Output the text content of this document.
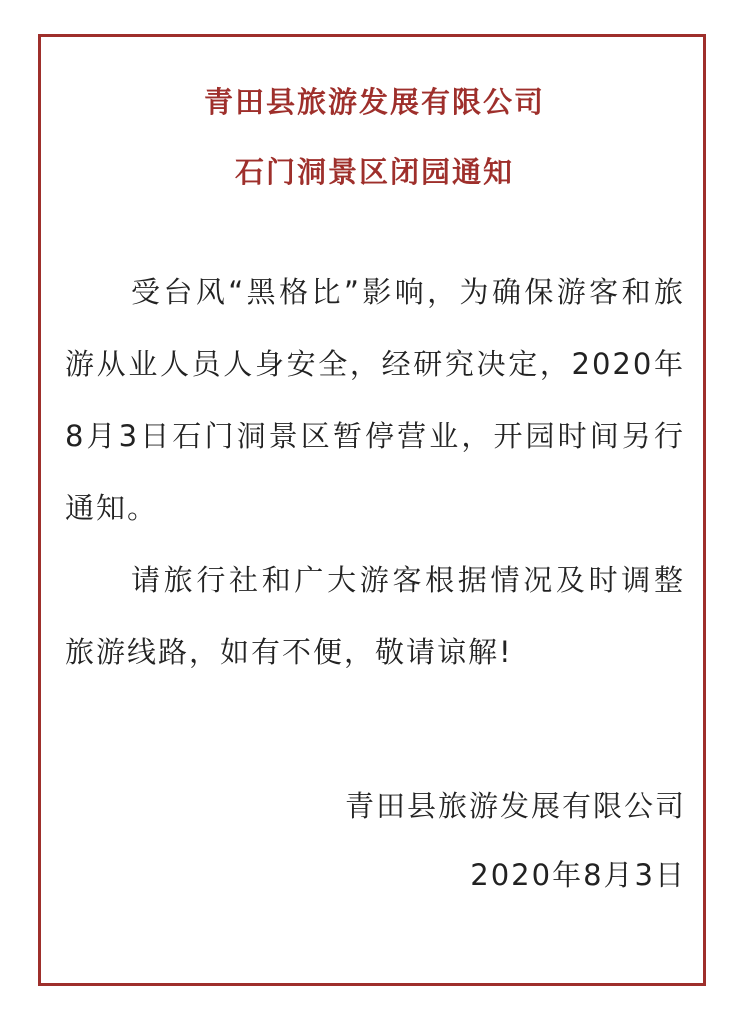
青田县旅游发展有限公司
石门洞景区闭园通知

受台风“黑格比”影响，为确保游客和旅游从业人员人身安全，经研究决定，2020年8月3日石门洞景区暂停营业，开园时间另行通知。

请旅行社和广大游客根据情况及时调整旅游线路，如有不便，敬请谅解!

青田县旅游发展有限公司
2020年8月3日
